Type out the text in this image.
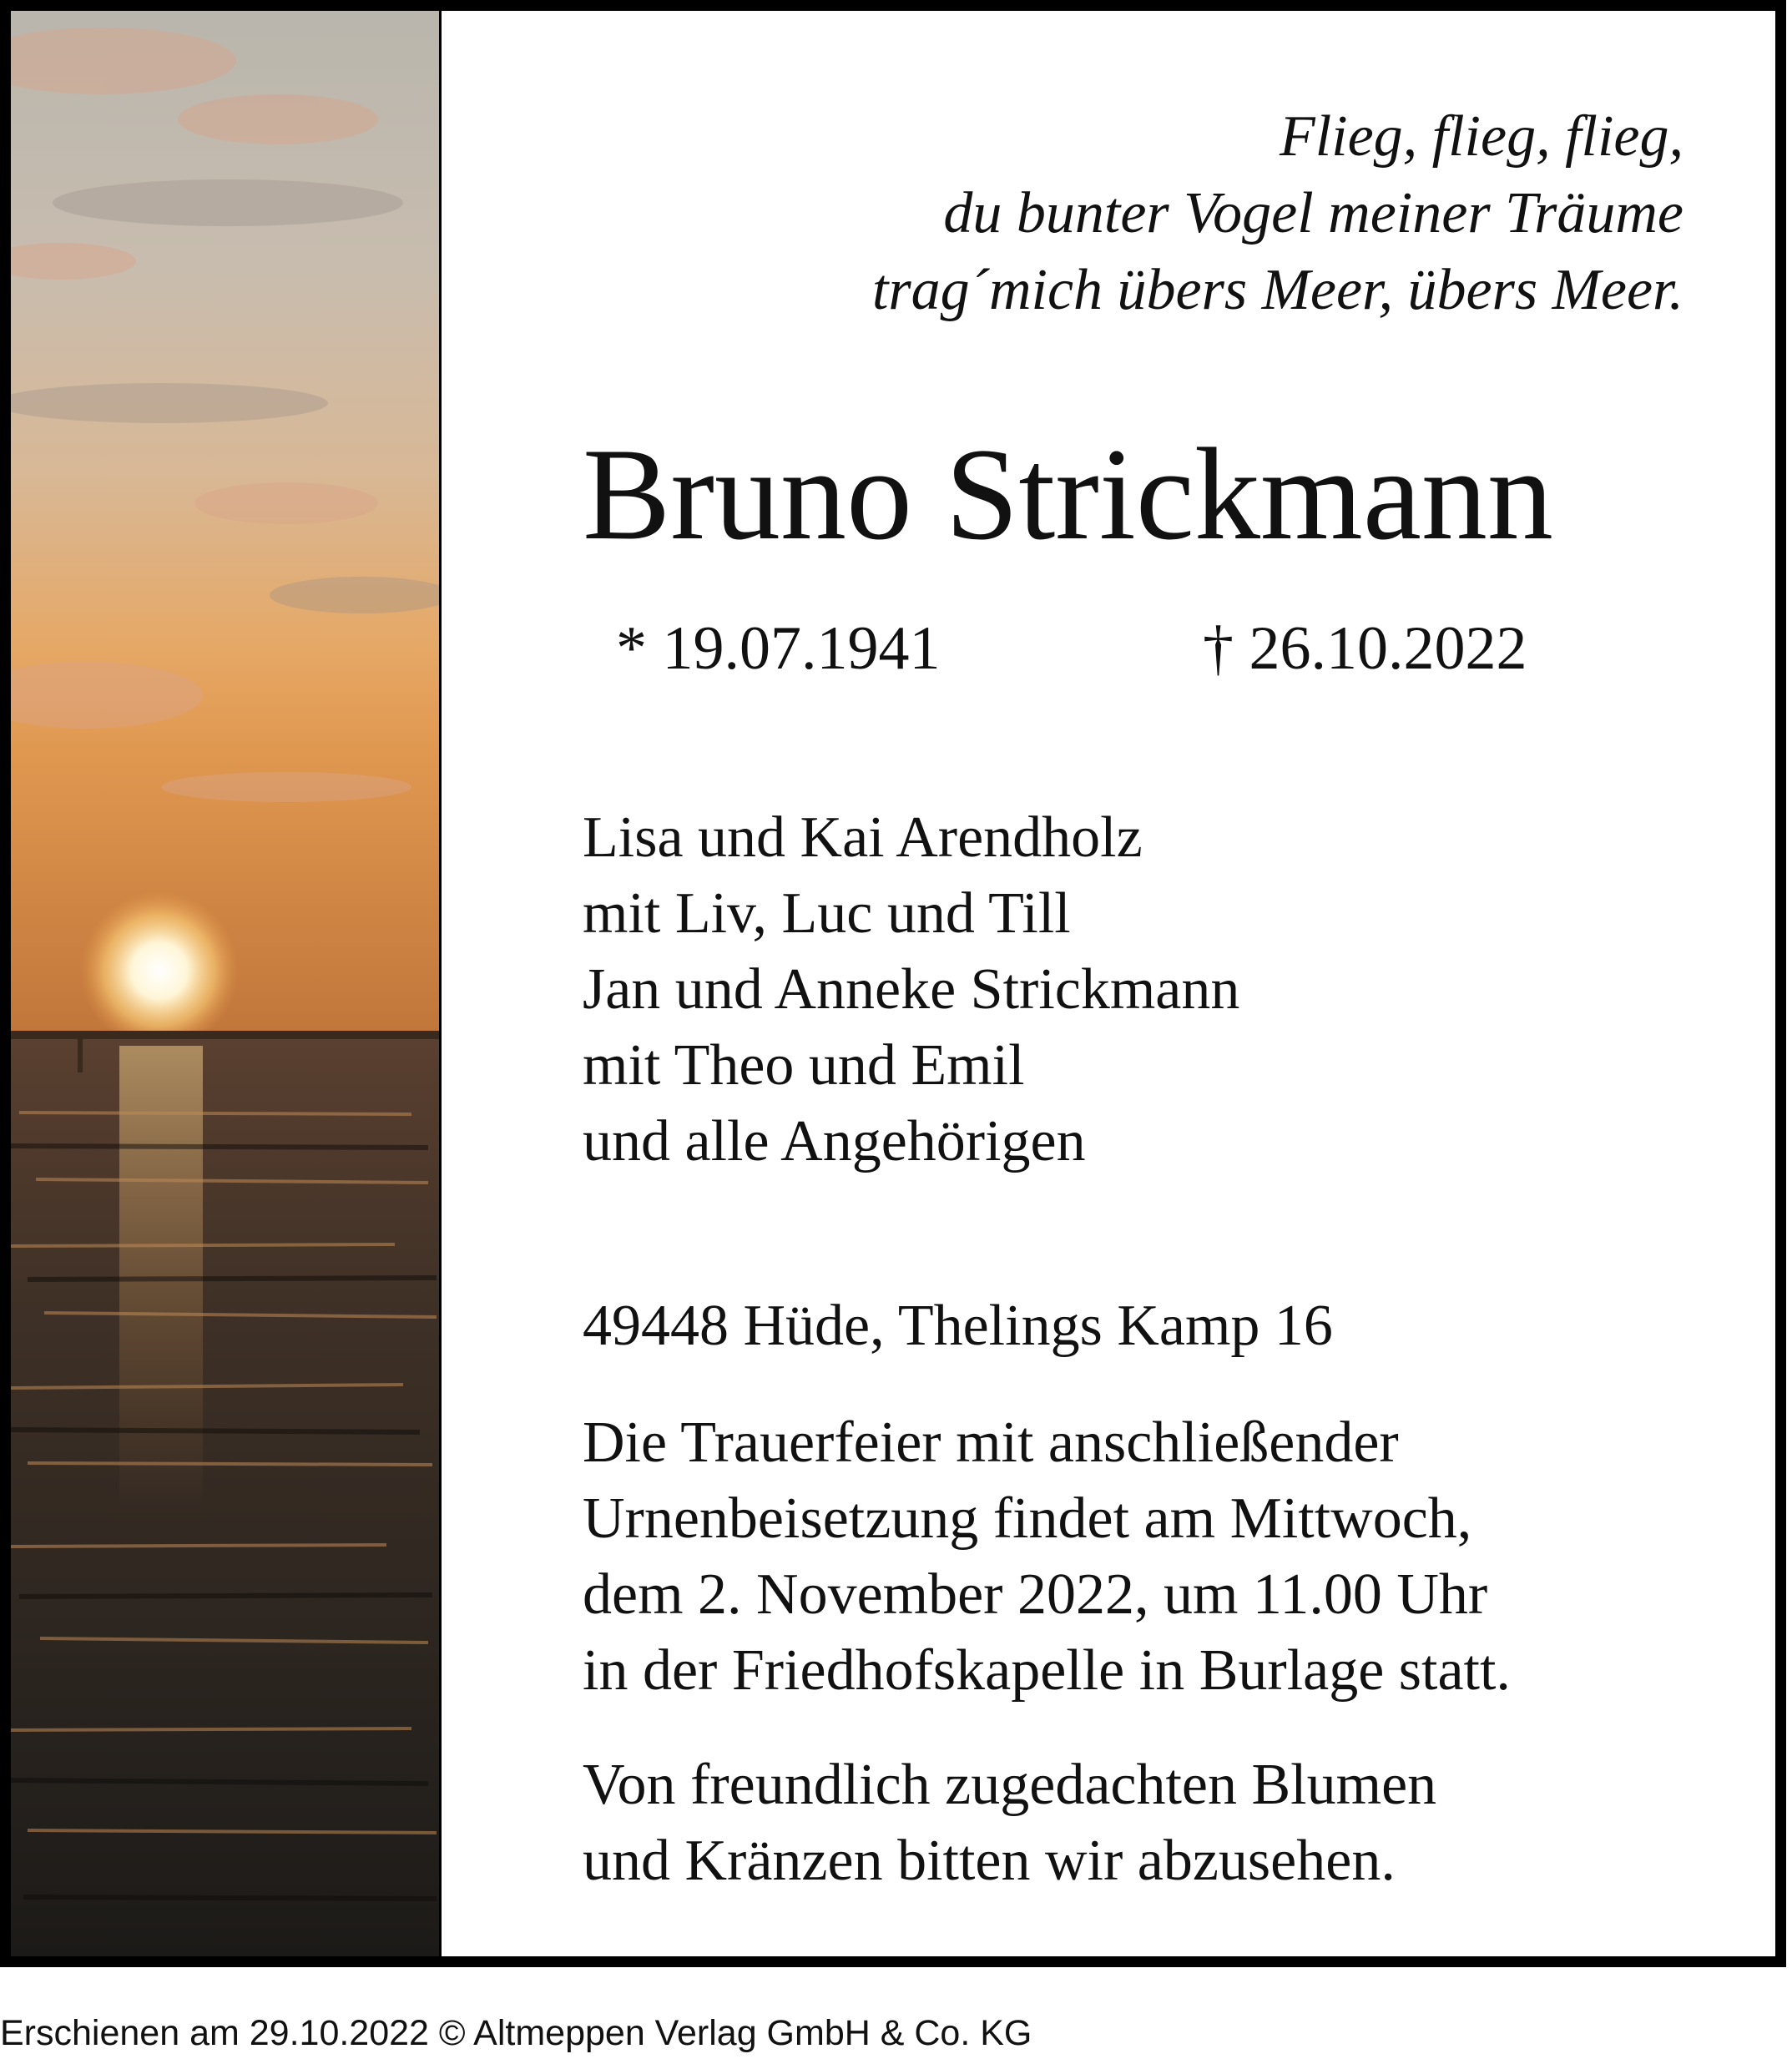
Flieg, flieg, flieg,
du bunter Vogel meiner Träume
trag´mich übers Meer, übers Meer.
Bruno Strickmann
* 19.07.1941	† 26.10.2022
Lisa und Kai Arendholz
mit Liv, Luc und Till
Jan und Anneke Strickmann
mit Theo und Emil
und alle Angehörigen
49448 Hüde, Thelings Kamp 16
Die Trauerfeier mit anschließender
Urnenbeisetzung findet am Mittwoch,
dem 2. November 2022, um 11.00 Uhr
in der Friedhofskapelle in Burlage statt.
Von freundlich zugedachten Blumen
und Kränzen bitten wir abzusehen.
Erschienen am 29.10.2022 © Altmeppen Verlag GmbH & Co. KG
